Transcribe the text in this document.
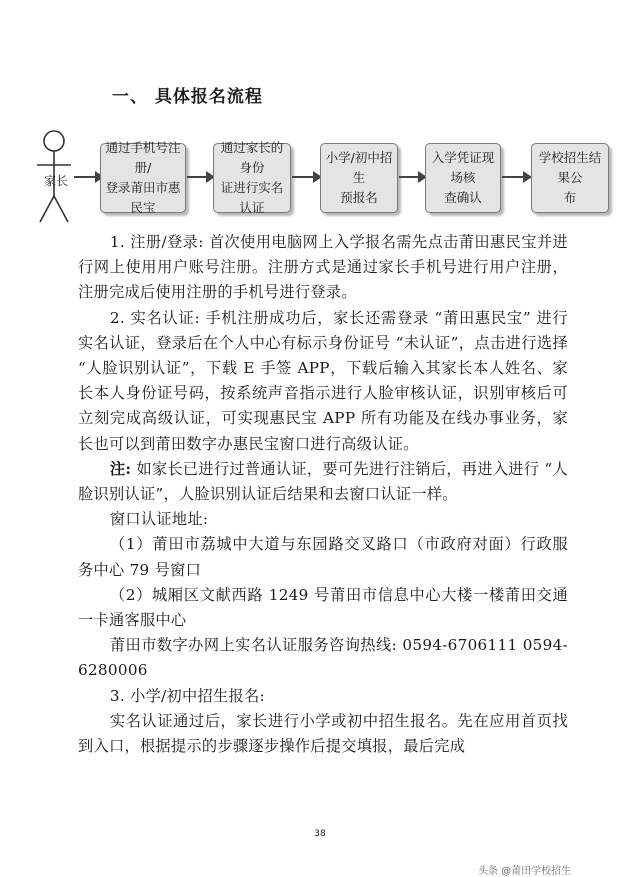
一、 具体报名流程
家长
通过手机号注册/
登录莆田市惠民宝
通过家长的身份
证进行实名认证
小学/初中招生
预报名
入学凭证现场核
查确认
学校招生结果公
布

1. 注册/登录: 首次使用电脑网上入学报名需先点击莆田惠民宝并进行网上使用用户账号注册。注册方式是通过家长手机号进行用户注册，注册完成后使用注册的手机号进行登录。

2. 实名认证: 手机注册成功后，家长还需登录 “莆田惠民宝” 进行实名认证，登录后在个人中心有标示身份证号 “未认证”，点击进行选择 “人脸识别认证”，下载 E 手签 APP，下载后输入其家长本人姓名、家长本人身份证号码，按系统声音指示进行人脸审核认证，识别审核后可立刻完成高级认证，可实现惠民宝 APP 所有功能及在线办事业务，家长也可以到莆田数字办惠民宝窗口进行高级认证。

注: 如家长已进行过普通认证，要可先进行注销后，再进入进行 “人脸识别认证”，人脸识别认证后结果和去窗口认证一样。

窗口认证地址:

（1）莆田市荔城中大道与东园路交叉路口（市政府对面）行政服务中心 79 号窗口

（2）城厢区文献西路 1249 号莆田市信息中心大楼一楼莆田交通一卡通客服中心

莆田市数字办网上实名认证服务咨询热线: 0594-6706111 0594-6280006

3. 小学/初中招生报名:

实名认证通过后，家长进行小学或初中招生报名。先在应用首页找到入口，根据提示的步骤逐步操作后提交填报，最后完成

38
头条 @莆田学校招生
